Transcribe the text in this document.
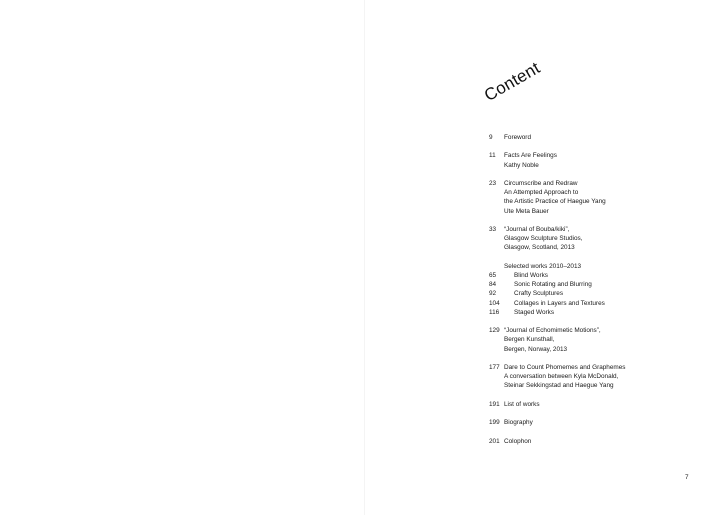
Content
9	Foreword
11	Facts Are Feelings
Kathy Noble
23	Circumscribe and Redraw
An Attempted Approach to
the Artistic Practice of Haegue Yang
Ute Meta Bauer
33	“Journal of Bouba/kiki”,
Glasgow Sculpture Studios,
Glasgow, Scotland, 2013
Selected works 2010–2013
65	Blind Works
84	Sonic Rotating and Blurring
92	Crafty Sculptures
104	Collages in Layers and Textures
116	Staged Works
129 “Journal of Echomimetic Motions”,
Bergen Kunsthall,
Bergen, Norway, 2013
177 Dare to Count Phomemes and Graphemes
A conversation between Kyla McDonald,
Steinar Sekkingstad and Haegue Yang
191 List of works
199 Biography
201 Colophon
7
